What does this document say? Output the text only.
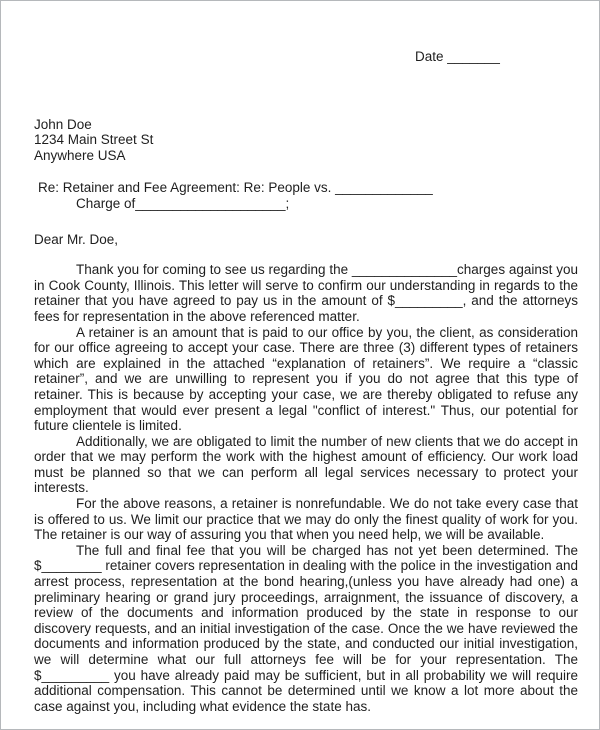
Date _______
John Doe
1234 Main Street St
Anywhere USA
Re: Retainer and Fee Agreement: Re: People vs. _____________
Charge of____________________;
Dear Mr. Doe,

Thank you for coming to see us regarding the ______________charges against you in Cook County, Illinois. This letter will serve to confirm our understanding in regards to the retainer that you have agreed to pay us in the amount of $_________, and the attorneys fees for representation in the above referenced matter.

A retainer is an amount that is paid to our office by you, the client, as consideration for our office agreeing to accept your case. There are three (3) different types of retainers which are explained in the attached “explanation of retainers”. We require a “classic retainer”, and we are unwilling to represent you if you do not agree that this type of retainer. This is because by accepting your case, we are thereby obligated to refuse any employment that would ever present a legal "conflict of interest." Thus, our potential for future clientele is limited.

Additionally, we are obligated to limit the number of new clients that we do accept in order that we may perform the work with the highest amount of efficiency. Our work load must be planned so that we can perform all legal services necessary to protect your interests.

For the above reasons, a retainer is nonrefundable. We do not take every case that is offered to us. We limit our practice that we may do only the finest quality of work for you. The retainer is our way of assuring you that when you need help, we will be available.

The full and final fee that you will be charged has not yet been determined. The $________ retainer covers representation in dealing with the police in the investigation and arrest process, representation at the bond hearing,(unless you have already had one) a preliminary hearing or grand jury proceedings, arraignment, the issuance of discovery, a review of the documents and information produced by the state in response to our discovery requests, and an initial investigation of the case. Once the we have reviewed the documents and information produced by the state, and conducted our initial investigation, we will determine what our full attorneys fee will be for your representation. The $_________ you have already paid may be sufficient, but in all probability we will require additional compensation. This cannot be determined until we know a lot more about the case against you, including what evidence the state has.
